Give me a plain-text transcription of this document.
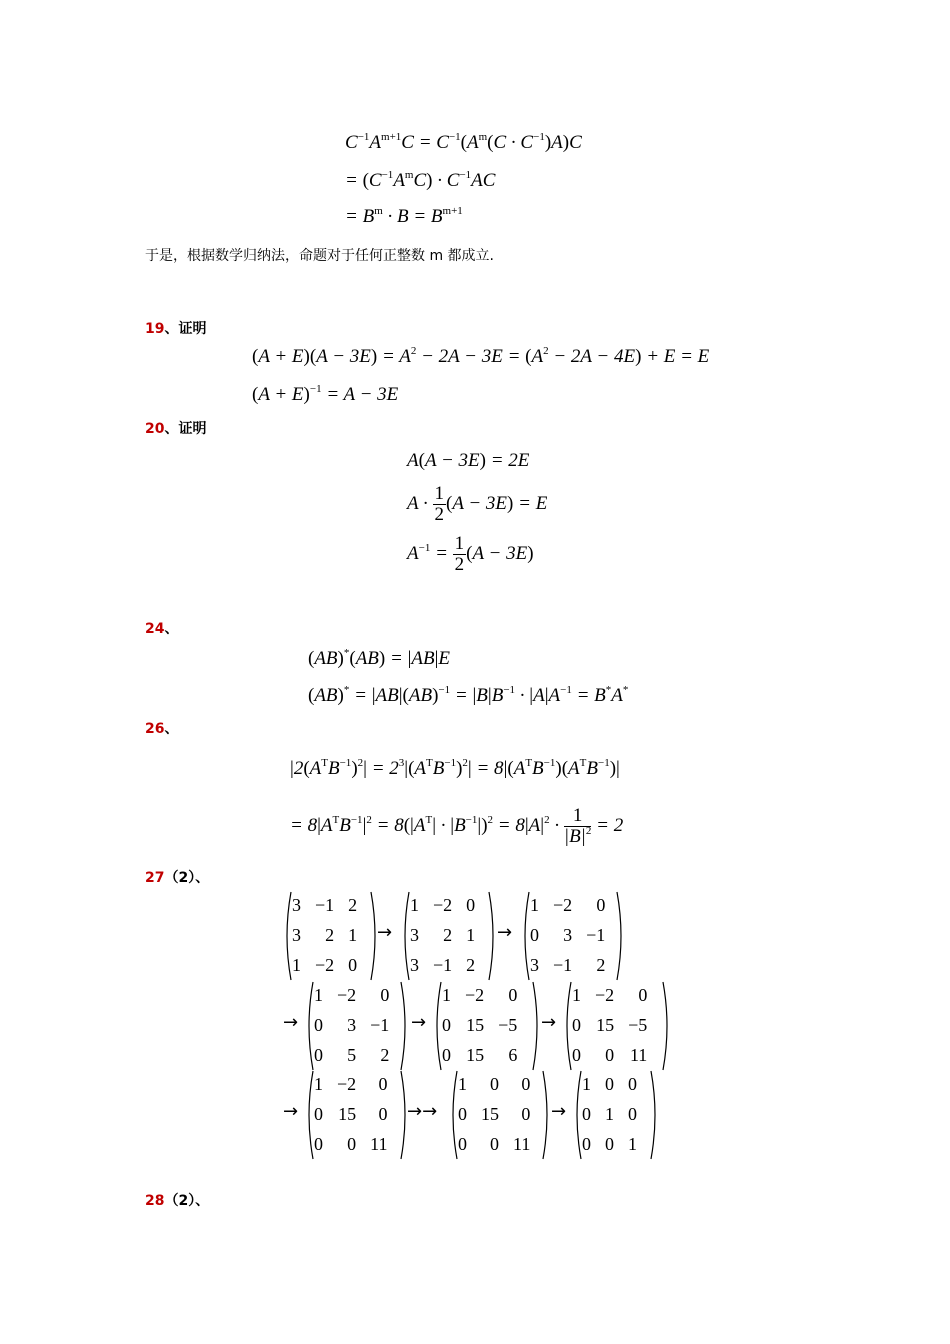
$C^{-1}A^{m+1}C = C^{-1}(A^m(C \cdot C^{-1})A)C$
= $(C^{-1}A^mC) \cdot C^{-1}AC$
= $B^m \cdot B = B^{m+1}$
于是，根据数学归纳法，命题对于任何正整数 m 都成立.
19、证明
$(A + E)(A - 3E) = A^2 - 2A - 3E = (A^2 - 2A - 4E) + E = E$
$(A + E)^{-1} = A - 3E$
20、证明
A(A − 3E) = 2E
$A \cdot \frac{1}{2} (A - 3E) = E$
$A^{-1} = \frac{1}{2} (A - 3E)$
24、
(AB)*(AB) = |AB|E
$(AB)^* = |AB|(AB)^{-1} = |B|B^{-1} \cdot |A|A^{-1} = B^*A^*$
26、
$|2(A^TB^{-1})^2| = 2^3|(A^TB^{-1})^2| = 8|(A^TB^{-1})(A^TB^{-1})|$
= $8|A^TB^{-1}|^2 = 8(|A^T| \cdot |B^{-1}|)^2 = 8|A|^2 \cdot \frac{1}{|B|^2} = 2$
27（2）、
3	−1	2
3	2	1
1	−2	0
→
1	−2	0
3	2	1
3	−1	2
→
1	−2	0
0	3	−1
3	−1	2
→
1	−2	0
0	3	−1
0	5	2
→
1	−2	0
0	15	−5
0	15	6
→
1	−2	0
0	15	−5
0	0	11
→
1	−2	0
0	15	0
0	0	11
→→
1	0	0
0	15	0
0	0	11
→
1	0	0
0	1	0
0	0	1
28（2）、
